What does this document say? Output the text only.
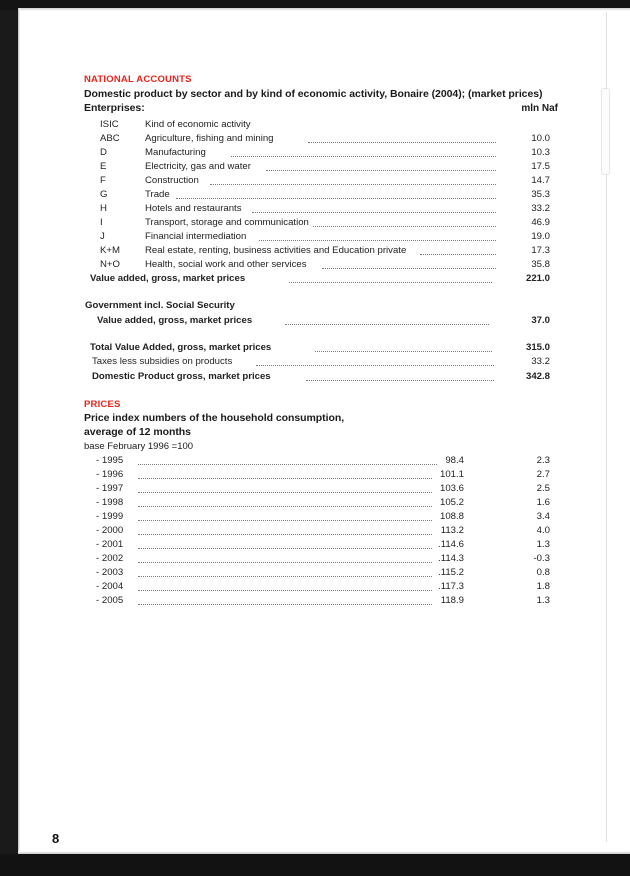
NATIONAL ACCOUNTS
Domestic product by sector and by kind of economic activity, Bonaire (2004); (market prices)
Enterprises:	mln Naf
ISIC	Kind of economic activity
ABC	Agriculture, fishing and mining	10.0
D	Manufacturing	10.3
E	Electricity, gas and water	17.5
F	Construction	14.7
G	Trade	35.3
H	Hotels and restaurants	33.2
I	Transport, storage and communication	46.9
J	Financial intermediation	19.0
K+M	Real estate, renting, business activities and Education private	17.3
N+O	Health, social work and other services	35.8
Value added, gross, market prices	221.0
Government incl. Social Security
Value added, gross, market prices	37.0
Total Value Added, gross, market prices	315.0
Taxes less subsidies on products	33.2
Domestic Product gross, market prices	342.8
PRICES
Price index numbers of the household consumption,
average of 12 months
base February 1996 =100
- 1995	98.4	2.3
- 1996	101.1	2.7
- 1997	103.6	2.5
- 1998	105.2	1.6
- 1999	108.8	3.4
- 2000	113.2	4.0
- 2001	.114.6	1.3
- 2002	.114.3	-0.3
- 2003	.115.2	0.8
- 2004	.117.3	1.8
- 2005	118.9	1.3
8
